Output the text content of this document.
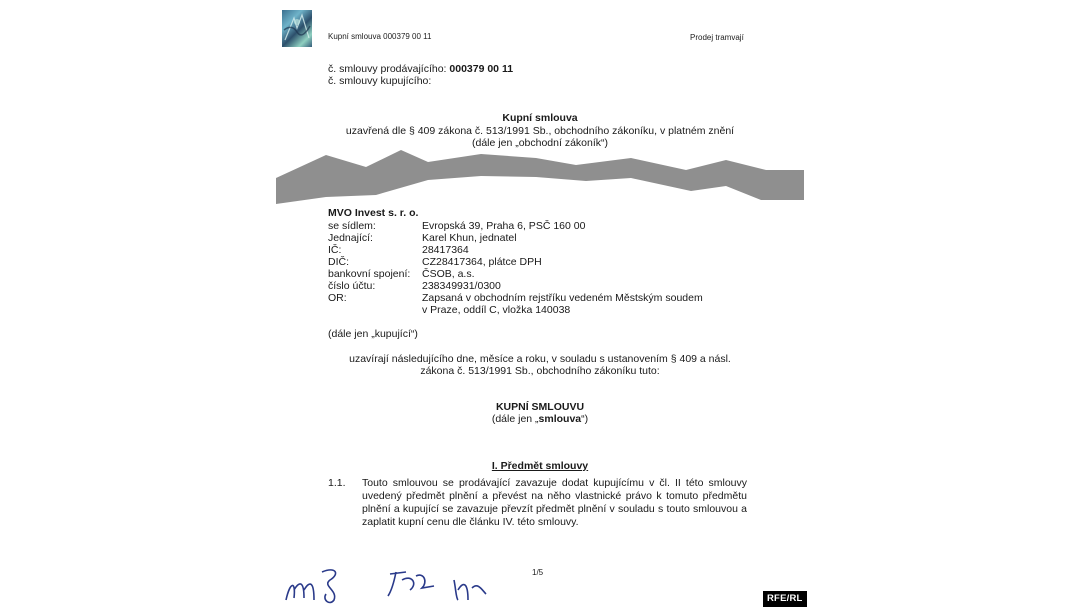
Kupní smlouva 000379 00 11	Prodej tramvají
č. smlouvy prodávajícího: 000379 00 11
č. smlouvy kupujícího:
Kupní smlouva
uzavřená dle § 409 zákona č. 513/1991 Sb., obchodního zákoníku, v platném znění
(dále jen „obchodní zákoník“)
MVO Invest s. r. o.
se sídlem:	Evropská 39, Praha 6, PSČ 160 00
Jednající:	Karel Khun, jednatel
IČ:	28417364
DIČ:	CZ28417364, plátce DPH
bankovní spojení: ČSOB, a.s.
číslo účtu:	238349931/0300
OR:	Zapsaná v obchodním rejstříku vedeném Městským soudem
v Praze, oddíl C, vložka 140038
(dále jen „kupující“)
uzavírají následujícího dne, měsíce a roku, v souladu s ustanovením § 409 a násl.
zákona č. 513/1991 Sb., obchodního zákoníku tuto:
KUPNÍ SMLOUVU
(dále jen „smlouva“)
I. Předmět smlouvy
1.1. Touto smlouvou se prodávající zavazuje dodat kupujícímu v čl. II této smlouvy
uvedený předmět plnění a převést na něho vlastnické právo k tomuto předmětu
plnění a kupující se zavazuje převzít předmět plnění v souladu s touto smlouvou a
zaplatit kupní cenu dle článku IV. této smlouvy.
1/5
RFE/RL
